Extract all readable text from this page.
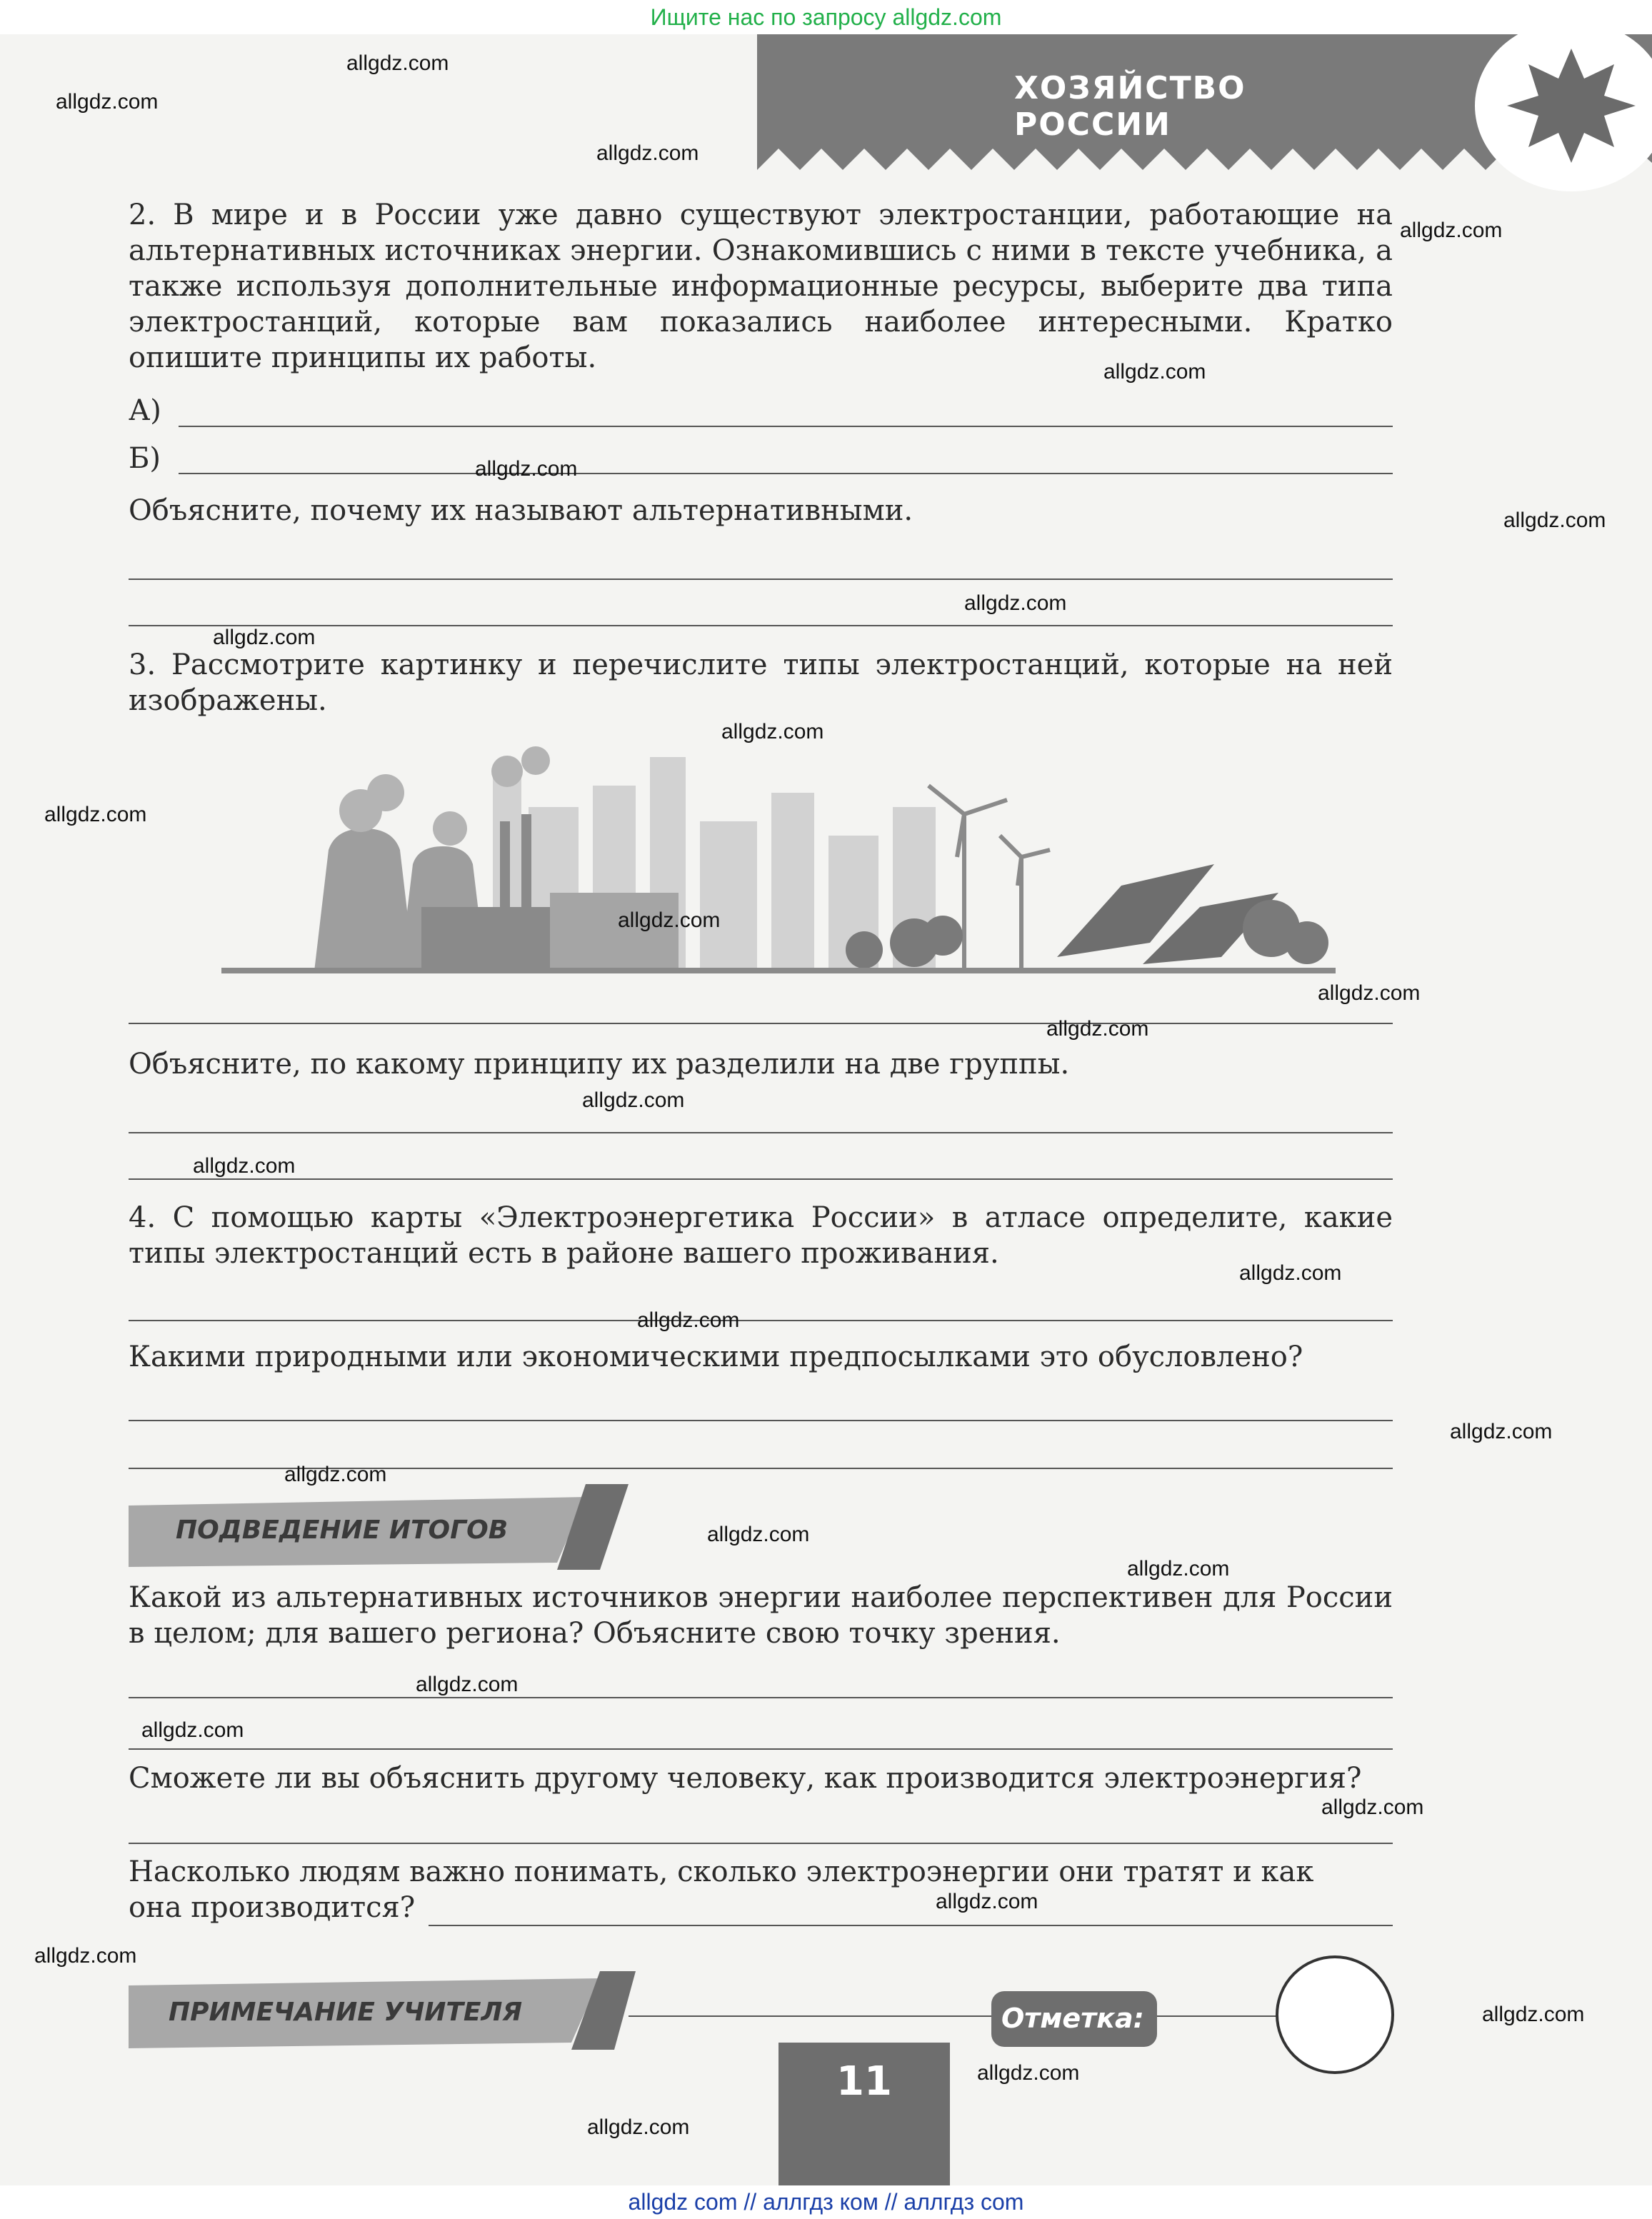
Ищите нас по запросу allgdz.com
ХОЗЯЙСТВО РОССИИ
2. В мире и в России уже давно существуют электростанции, работающие на альтернативных источниках энергии. Ознакомившись с ними в тексте учебника, а также используя дополнительные информационные ресурсы, выберите два типа электростанций, которые вам показались наиболее интересными. Кратко опишите принципы их работы.
А)
Б)
Объясните, почему их называют альтернативными.
3. Рассмотрите картинку и перечислите типы электростанций, которые на ней изображены.
Объясните, по какому принципу их разделили на две группы.
4. С помощью карты «Электроэнергетика России» в атласе определите, какие типы электростанций есть в районе вашего проживания.
Какими природными или экономическими предпосылками это обусловлено?
ПОДВЕДЕНИЕ ИТОГОВ
Какой из альтернативных источников энергии наиболее перспективен для России в целом; для вашего региона? Объясните свою точку зрения.
Сможете ли вы объяснить другому человеку, как производится электроэнергия?
Насколько людям важно понимать, сколько электроэнергии они тратят и как
она производится?
ПРИМЕЧАНИЕ УЧИТЕЛЯ	Отметка:
11
allgdz.com
allgdz.com
allgdz.com
allgdz.com
allgdz.com
allgdz.com
allgdz.com
allgdz.com
allgdz.com
allgdz.com
allgdz.com
allgdz.com
allgdz.com
allgdz.com
allgdz.com
allgdz.com
allgdz.com
allgdz.com
allgdz.com
allgdz.com
allgdz.com
allgdz.com
allgdz.com
allgdz.com
allgdz.com
allgdz.com
allgdz.com
allgdz.com
allgdz.com
allgdz.com
allgdz com // аллгдз ком // аллгдз com
